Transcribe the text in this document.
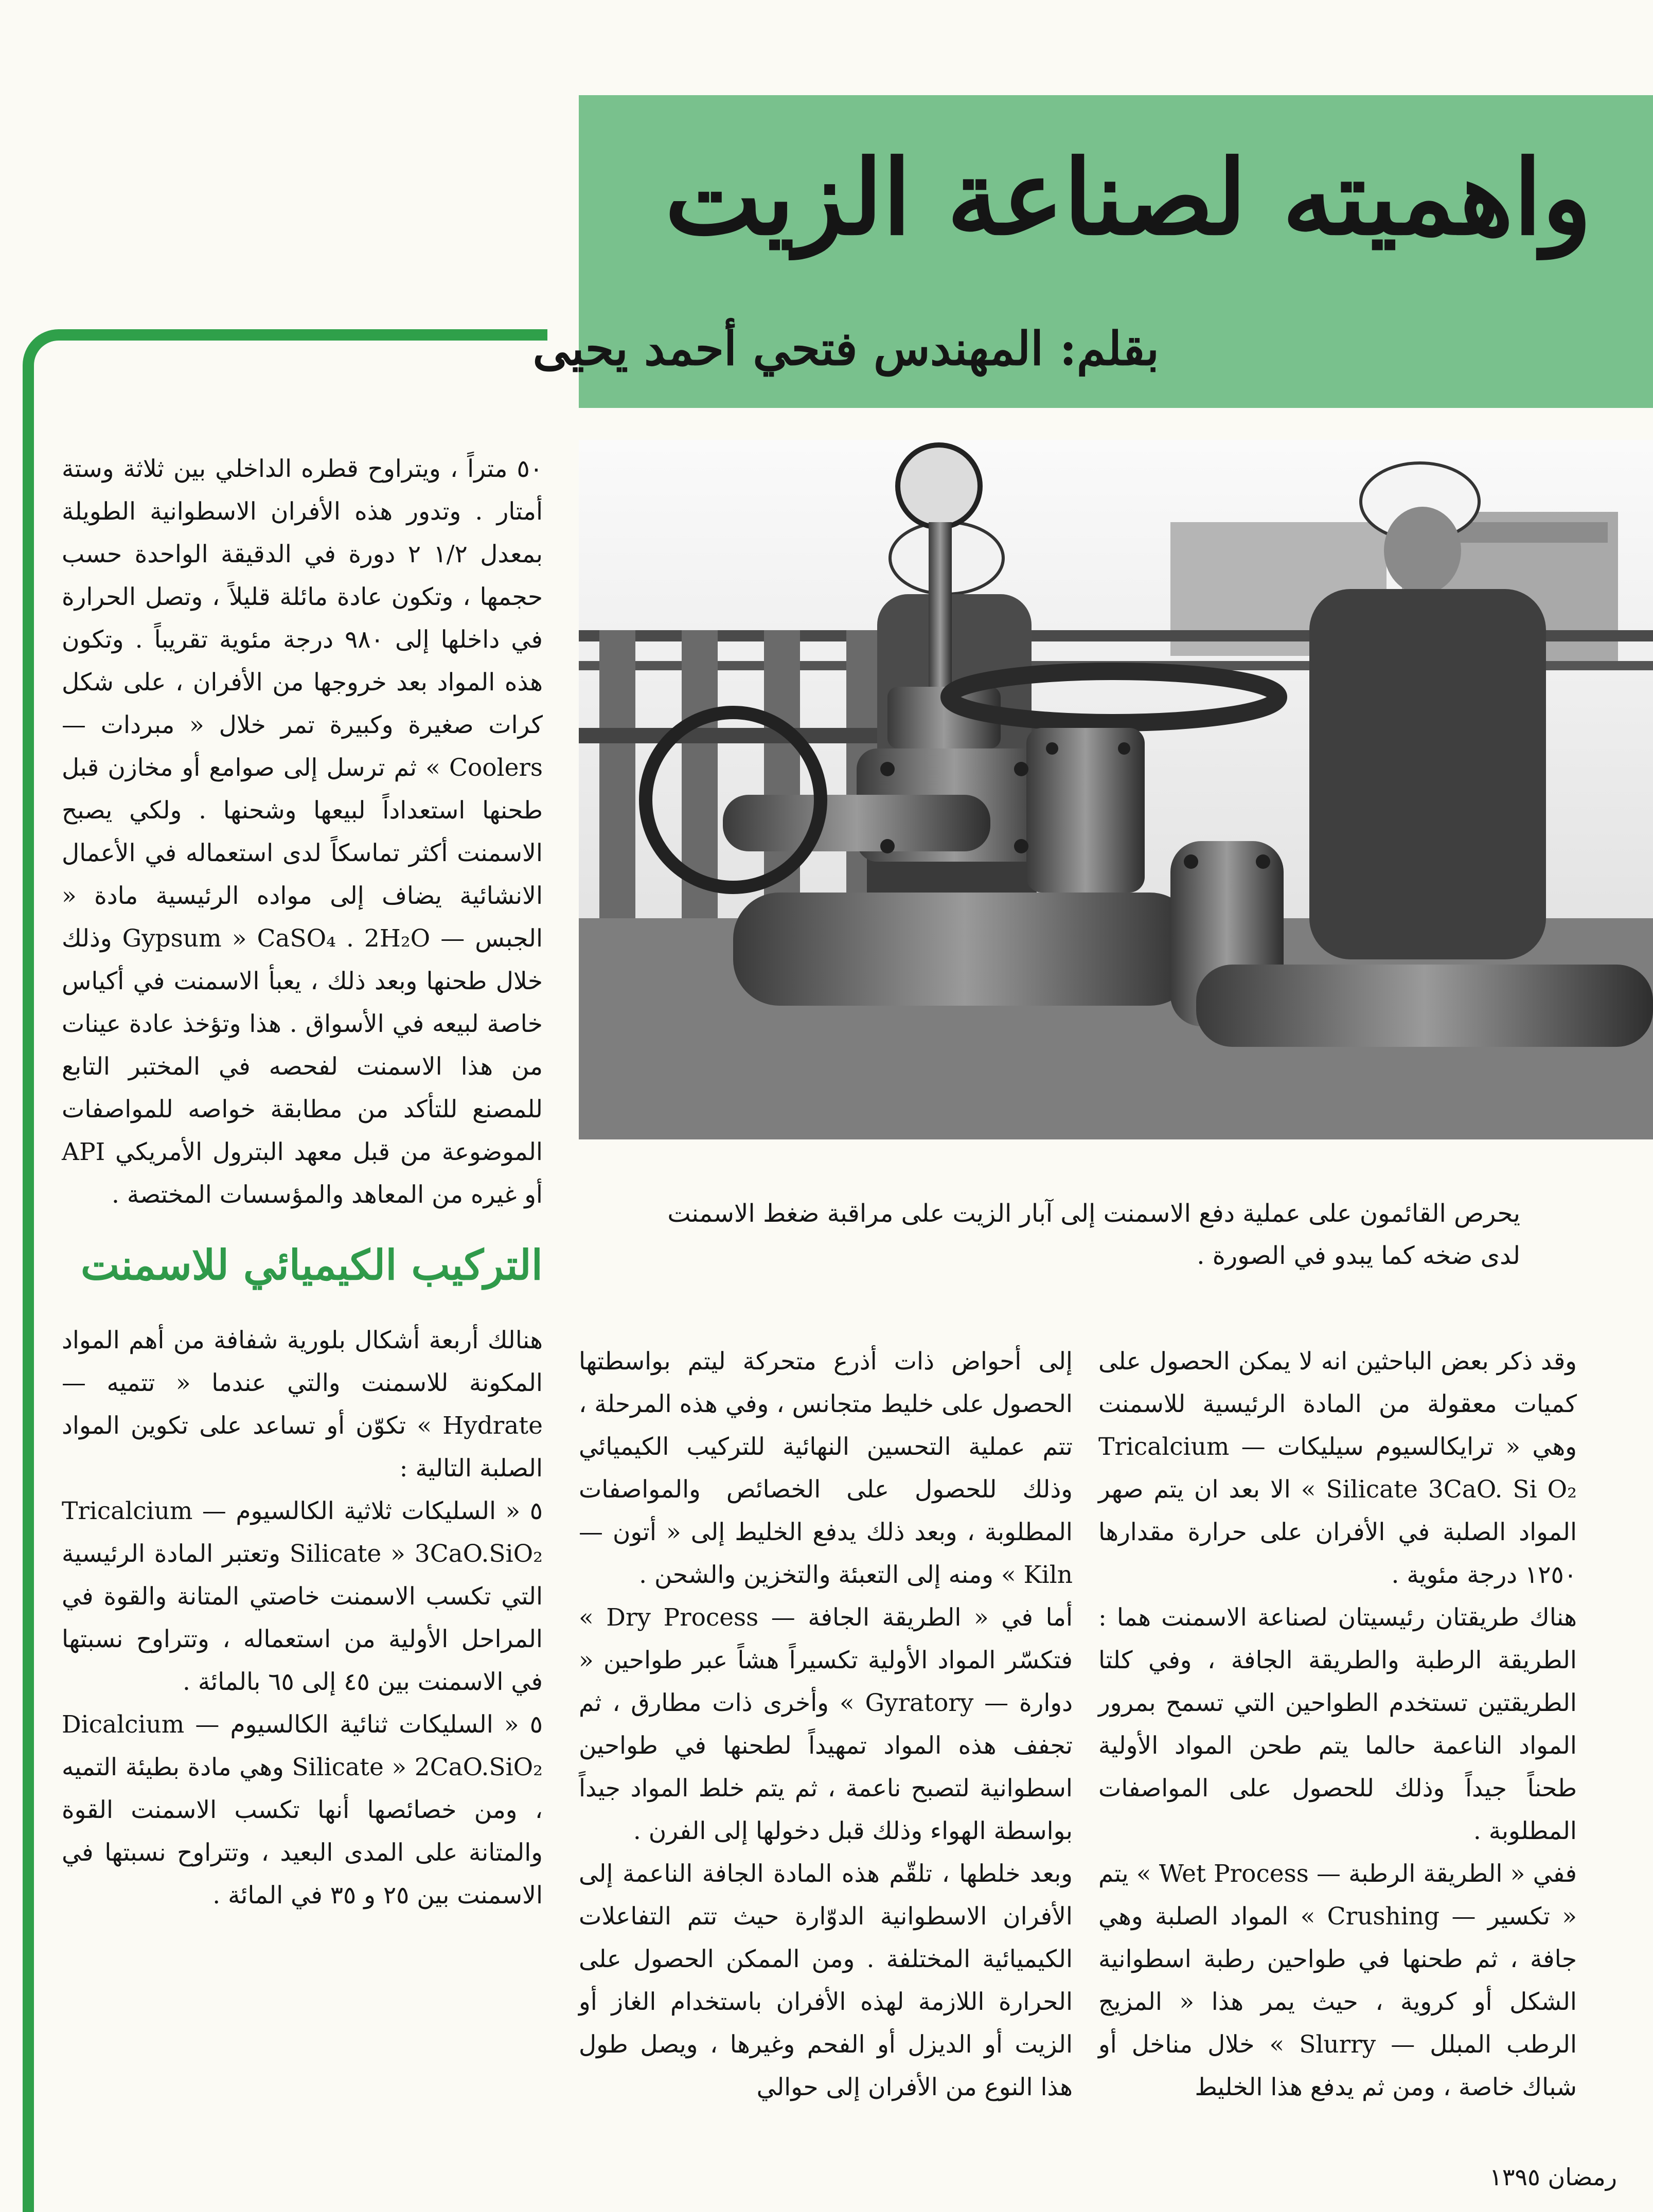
واهميته لصناعة الزيت

بقلم: المهندس فتحي أحمد يحيى

٥٠ متراً ، ويتراوح قطره الداخلي بين ثلاثة وستة أمتار . وتدور هذه الأفران الاسطوانية الطويلة بمعدل ١/٢ ٢ دورة في الدقيقة الواحدة حسب حجمها ، وتكون عادة مائلة قليلاً ، وتصل الحرارة في داخلها إلى ٩٨٠ درجة مئوية تقريباً . وتكون هذه المواد بعد خروجها من الأفران ، على شكل كرات صغيرة وكبيرة تمر خلال « مبردات — Coolers » ثم ترسل إلى صوامع أو مخازن قبل طحنها استعداداً لبيعها وشحنها . ولكي يصبح الاسمنت أكثر تماسكاً لدى استعماله في الأعمال الانشائية يضاف إلى مواده الرئيسية مادة « الجبس — Gypsum » CaSO₄ . 2H₂O وذلك خلال طحنها وبعد ذلك ، يعبأ الاسمنت في أكياس خاصة لبيعه في الأسواق . هذا وتؤخذ عادة عينات من هذا الاسمنت لفحصه في المختبر التابع للمصنع للتأكد من مطابقة خواصه للمواصفات الموضوعة من قبل معهد البترول الأمريكي API أو غيره من المعاهد والمؤسسات المختصة .

التركيب الكيميائي للاسمنت

هنالك أربعة أشكال بلورية شفافة من أهم المواد المكونة للاسمنت والتي عندما « تتميه — Hydrate » تكوّن أو تساعد على تكوين المواد الصلبة التالية :

٥ « السليكات ثلاثية الكالسيوم — Tricalcium Silicate » 3CaO.SiO₂ وتعتبر المادة الرئيسية التي تكسب الاسمنت خاصتي المتانة والقوة في المراحل الأولية من استعماله ، وتتراوح نسبتها في الاسمنت بين ٤٥ إلى ٦٥ بالمائة .

٥ « السليكات ثنائية الكالسيوم — Dicalcium Silicate » 2CaO.SiO₂ وهي مادة بطيئة التميه ، ومن خصائصها أنها تكسب الاسمنت القوة والمتانة على المدى البعيد ، وتتراوح نسبتها في الاسمنت بين ٢٥ و ٣٥ في المائة .

يحرص القائمون على عملية دفع الاسمنت إلى آبار الزيت على مراقبة ضغط الاسمنت لدى ضخه كما يبدو في الصورة .

إلى أحواض ذات أذرع متحركة ليتم بواسطتها الحصول على خليط متجانس ، وفي هذه المرحلة ، تتم عملية التحسين النهائية للتركيب الكيميائي وذلك للحصول على الخصائص والمواصفات المطلوبة ، وبعد ذلك يدفع الخليط إلى « أتون — Kiln » ومنه إلى التعبئة والتخزين والشحن .

أما في « الطريقة الجافة — Dry Process » فتكسّر المواد الأولية تكسيراً هشاً عبر طواحين « دوارة — Gyratory » وأخرى ذات مطارق ، ثم تجفف هذه المواد تمهيداً لطحنها في طواحين اسطوانية لتصبح ناعمة ، ثم يتم خلط المواد جيداً بواسطة الهواء وذلك قبل دخولها إلى الفرن .

وبعد خلطها ، تلقّم هذه المادة الجافة الناعمة إلى الأفران الاسطوانية الدوّارة حيث تتم التفاعلات الكيميائية المختلفة . ومن الممكن الحصول على الحرارة اللازمة لهذه الأفران باستخدام الغاز أو الزيت أو الديزل أو الفحم وغيرها ، ويصل طول هذا النوع من الأفران إلى حوالي

وقد ذكر بعض الباحثين انه لا يمكن الحصول على كميات معقولة من المادة الرئيسية للاسمنت وهي « ترايكالسيوم سيليكات — Tricalcium Silicate 3CaO. Si O₂ » الا بعد ان يتم صهر المواد الصلبة في الأفران على حرارة مقدارها ١٢٥٠ درجة مئوية .

هناك طريقتان رئيسيتان لصناعة الاسمنت هما : الطريقة الرطبة والطريقة الجافة ، وفي كلتا الطريقتين تستخدم الطواحين التي تسمح بمرور المواد الناعمة حالما يتم طحن المواد الأولية طحناً جيداً وذلك للحصول على المواصفات المطلوبة .

ففي « الطريقة الرطبة — Wet Process » يتم « تكسير — Crushing » المواد الصلبة وهي جافة ، ثم طحنها في طواحين رطبة اسطوانية الشكل أو كروية ، حيث يمر هذا « المزيج الرطب المبلل — Slurry » خلال مناخل أو شباك خاصة ، ومن ثم يدفع هذا الخليط

رمضان ١٣٩٥
